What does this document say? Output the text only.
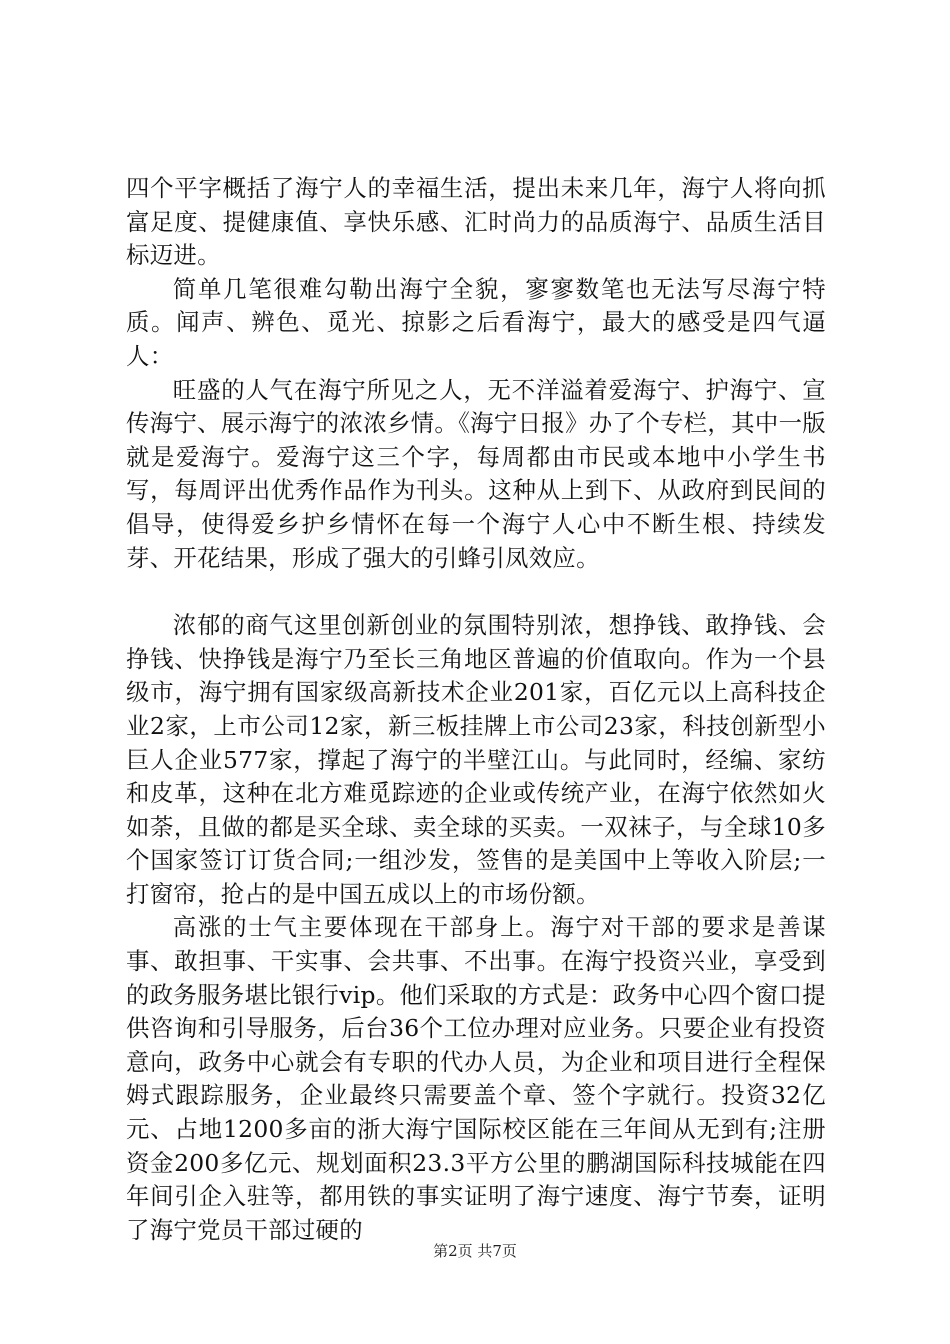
四个平字概括了海宁人的幸福生活，提出未来几年，海宁人将向抓富足度、提健康值、享快乐感、汇时尚力的品质海宁、品质生活目标迈进。

简单几笔很难勾勒出海宁全貌，寥寥数笔也无法写尽海宁特质。闻声、辨色、觅光、掠影之后看海宁，最大的感受是四气逼人：

旺盛的人气在海宁所见之人，无不洋溢着爱海宁、护海宁、宣传海宁、展示海宁的浓浓乡情。《海宁日报》办了个专栏，其中一版就是爱海宁。爱海宁这三个字，每周都由市民或本地中小学生书写，每周评出优秀作品作为刊头。这种从上到下、从政府到民间的倡导，使得爱乡护乡情怀在每一个海宁人心中不断生根、持续发芽、开花结果，形成了强大的引蜂引凤效应。

浓郁的商气这里创新创业的氛围特别浓，想挣钱、敢挣钱、会挣钱、快挣钱是海宁乃至长三角地区普遍的价值取向。作为一个县级市，海宁拥有国家级高新技术企业201家，百亿元以上高科技企业2家，上市公司12家，新三板挂牌上市公司23家，科技创新型小巨人企业577家，撑起了海宁的半壁江山。与此同时，经编、家纺和皮革，这种在北方难觅踪迹的企业或传统产业，在海宁依然如火如荼，且做的都是买全球、卖全球的买卖。一双袜子，与全球10多个国家签订订货合同;一组沙发，签售的是美国中上等收入阶层;一打窗帘，抢占的是中国五成以上的市场份额。

高涨的士气主要体现在干部身上。海宁对干部的要求是善谋事、敢担事、干实事、会共事、不出事。在海宁投资兴业，享受到的政务服务堪比银行vip。他们采取的方式是：政务中心四个窗口提供咨询和引导服务，后台36个工位办理对应业务。只要企业有投资意向，政务中心就会有专职的代办人员，为企业和项目进行全程保姆式跟踪服务，企业最终只需要盖个章、签个字就行。投资32亿元、占地1200多亩的浙大海宁国际校区能在三年间从无到有;注册资金200多亿元、规划面积23.3平方公里的鹏湖国际科技城能在四年间引企入驻等，都用铁的事实证明了海宁速度、海宁节奏，证明了海宁党员干部过硬的

第2页 共7页
